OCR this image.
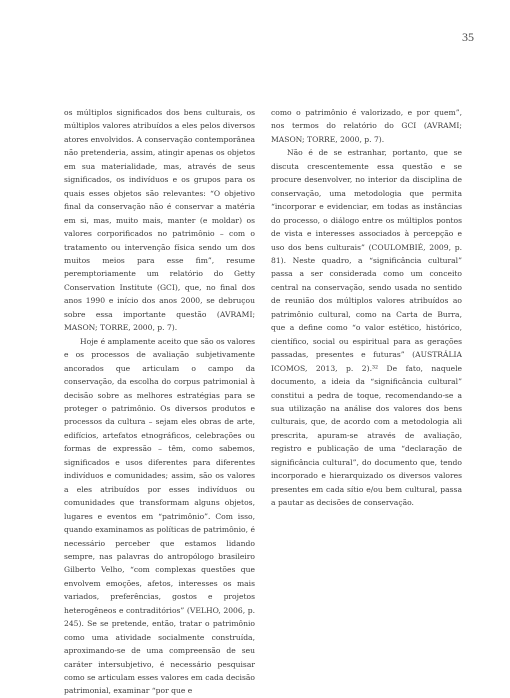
35

os múltiplos significados dos bens culturais, os múltiplos valores atribuídos a eles pelos diversos atores envolvidos. A conservação contemporânea não pretenderia, assim, atingir apenas os objetos em sua materialidade, mas, através de seus significados, os indivíduos e os grupos para os quais esses objetos são relevantes: “O objetivo final da conservação não é conservar a matéria em si, mas, muito mais, manter (e moldar) os valores corporificados no patrimônio – com o tratamento ou intervenção física sendo um dos muitos meios para esse fim”, resume peremptoriamente um relatório do Getty Conservation Institute (GCI), que, no final dos anos 1990 e início dos anos 2000, se debruçou sobre essa importante questão (AVRAMI; MASON; TORRE, 2000, p. 7).

Hoje é amplamente aceito que são os valores e os processos de avaliação subjetivamente ancorados que articulam o campo da conservação, da escolha do corpus patrimonial à decisão sobre as melhores estratégias para se proteger o patrimônio. Os diversos produtos e processos da cultura – sejam eles obras de arte, edifícios, artefatos etnográficos, celebrações ou formas de expressão – têm, como sabemos, significados e usos diferentes para diferentes indivíduos e comunidades; assim, são os valores a eles atribuídos por esses indivíduos ou comunidades que transformam alguns objetos, lugares e eventos em “patrimônio”. Com isso, quando examinamos as políticas de patrimônio, é necessário perceber que estamos lidando sempre, nas palavras do antropólogo brasileiro Gilberto Velho, “com complexas questões que envolvem emoções, afetos, interesses os mais variados, preferências, gostos e projetos heterogêneos e contraditórios” (VELHO, 2006, p. 245). Se se pretende, então, tratar o patrimônio como uma atividade socialmente construída, aproximando-se de uma compreensão de seu caráter intersubjetivo, é necessário pesquisar como se articulam esses valores em cada decisão patrimonial, examinar “por que e

como o patrimônio é valorizado, e por quem”, nos termos do relatório do GCI (AVRAMI; MASON; TORRE, 2000, p. 7).

Não é de se estranhar, portanto, que se discuta crescentemente essa questão e se procure desenvolver, no interior da disciplina de conservação, uma metodologia que permita “incorporar e evidenciar, em todas as instâncias do processo, o diálogo entre os múltiplos pontos de vista e interesses associados à percepção e uso dos bens culturais” (COULOMBIÉ, 2009, p. 81). Neste quadro, a “significância cultural” passa a ser considerada como um conceito central na conservação, sendo usada no sentido de reunião dos múltiplos valores atribuídos ao patrimônio cultural, como na Carta de Burra, que a define como “o valor estético, histórico, científico, social ou espiritual para as gerações passadas, presentes e futuras” (AUSTRÁLIA ICOMOS, 2013, p. 2).³² De fato, naquele documento, a ideia da “significância cultural” constitui a pedra de toque, recomendando-se a sua utilização na análise dos valores dos bens culturais, que, de acordo com a metodologia ali prescrita, apuram-se através de avaliação, registro e publicação de uma “declaração de significância cultural”, do documento que, tendo incorporado e hierarquizado os diversos valores presentes em cada sítio e/ou bem cultural, passa a pautar as decisões de conservação.
